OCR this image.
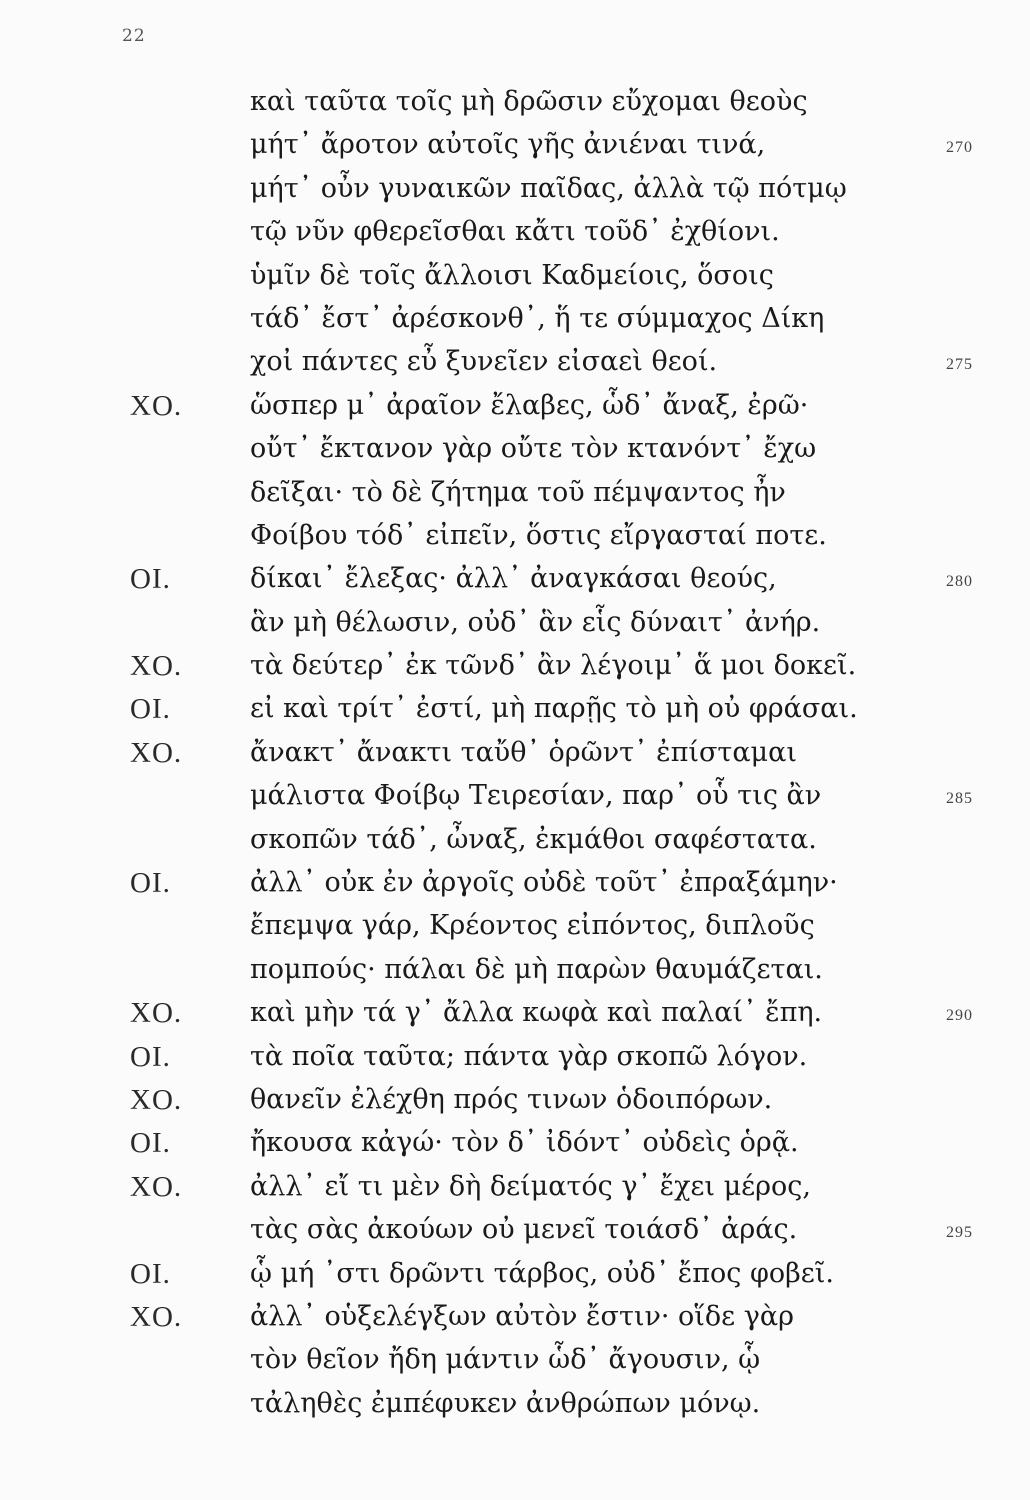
22
καὶ ταῦτα τοῖς μὴ δρῶσιν εὔχομαι θεοὺς
μήτ᾽ ἄροτον αὐτοῖς γῆς ἀνιέναι τινά,	270
μήτ᾽ οὖν γυναικῶν παῖδας, ἀλλὰ τῷ πότμῳ
τῷ νῦν φθερεῖσθαι κἄτι τοῦδ᾽ ἐχθίονι.
ὑμῖν δὲ τοῖς ἄλλοισι Καδμείοις, ὅσοις
τάδ᾽ ἔστ᾽ ἀρέσκονθ᾽, ἥ τε σύμμαχος Δίκη
χοἰ πάντες εὖ ξυνεῖεν εἰσαεὶ θεοί.	275
ΧΟ.	ὥσπερ μ᾽ ἀραῖον ἔλαβες, ὧδ᾽ ἄναξ, ἐρῶ·
οὔτ᾽ ἔκτανον γὰρ οὔτε τὸν κτανόντ᾽ ἔχω
δεῖξαι· τὸ δὲ ζήτημα τοῦ πέμψαντος ἦν
Φοίβου τόδ᾽ εἰπεῖν, ὅστις εἴργασταί ποτε.
ΟΙ.	δίκαι᾽ ἔλεξας· ἀλλ᾽ ἀναγκάσαι θεούς,	280
ἃν μὴ θέλωσιν, οὐδ᾽ ἃν εἷς δύναιτ᾽ ἀνήρ.
ΧΟ.	τὰ δεύτερ᾽ ἐκ τῶνδ᾽ ἂν λέγοιμ᾽ ἅ μοι δοκεῖ.
ΟΙ.	εἰ καὶ τρίτ᾽ ἐστί, μὴ παρῇς τὸ μὴ οὐ φράσαι.
ΧΟ.	ἄνακτ᾽ ἄνακτι ταὔθ᾽ ὁρῶντ᾽ ἐπίσταμαι
μάλιστα Φοίβῳ Τειρεσίαν, παρ᾽ οὗ τις ἂν	285
σκοπῶν τάδ᾽, ὦναξ, ἐκμάθοι σαφέστατα.
ΟΙ.	ἀλλ᾽ οὐκ ἐν ἀργοῖς οὐδὲ τοῦτ᾽ ἐπραξάμην·
ἔπεμψα γάρ, Κρέοντος εἰπόντος, διπλοῦς
πομπούς· πάλαι δὲ μὴ παρὼν θαυμάζεται.
ΧΟ.	καὶ μὴν τά γ᾽ ἄλλα κωφὰ καὶ παλαί᾽ ἔπη.	290
ΟΙ.	τὰ ποῖα ταῦτα; πάντα γὰρ σκοπῶ λόγον.
ΧΟ.	θανεῖν ἐλέχθη πρός τινων ὁδοιπόρων.
ΟΙ.	ἤκουσα κἀγώ· τὸν δ᾽ ἰδόντ᾽ οὐδεὶς ὁρᾷ.
ΧΟ.	ἀλλ᾽ εἴ τι μὲν δὴ δείματός γ᾽ ἔχει μέρος,
τὰς σὰς ἀκούων οὐ μενεῖ τοιάσδ᾽ ἀράς.	295
ΟΙ.	ᾧ μή ᾽στι δρῶντι τάρβος, οὐδ᾽ ἔπος φοβεῖ.
ΧΟ.	ἀλλ᾽ οὑξελέγξων αὐτὸν ἔστιν· οἵδε γὰρ
τὸν θεῖον ἤδη μάντιν ὧδ᾽ ἄγουσιν, ᾧ
τἀληθὲς ἐμπέφυκεν ἀνθρώπων μόνῳ.
